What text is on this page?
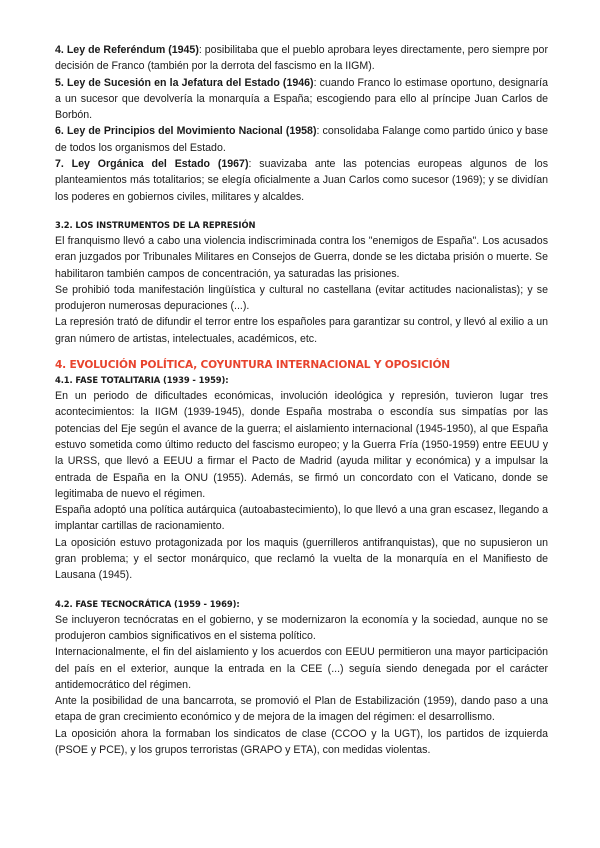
4. Ley de Referéndum (1945): posibilitaba que el pueblo aprobara leyes directamente, pero siempre por decisión de Franco (también por la derrota del fascismo en la IIGM).

5. Ley de Sucesión en la Jefatura del Estado (1946): cuando Franco lo estimase oportuno, designaría a un sucesor que devolvería la monarquía a España; escogiendo para ello al príncipe Juan Carlos de Borbón.

6. Ley de Principios del Movimiento Nacional (1958): consolidaba Falange como partido único y base de todos los organismos del Estado.

7. Ley Orgánica del Estado (1967): suavizaba ante las potencias europeas algunos de los planteamientos más totalitarios; se elegía oficialmente a Juan Carlos como sucesor (1969); y se dividían los poderes en gobiernos civiles, militares y alcaldes.

3.2. LOS INSTRUMENTOS DE LA REPRESIÓN

El franquismo llevó a cabo una violencia indiscriminada contra los "enemigos de España". Los acusados eran juzgados por Tribunales Militares en Consejos de Guerra, donde se les dictaba prisión o muerte. Se habilitaron también campos de concentración, ya saturadas las prisiones.

Se prohibió toda manifestación lingüística y cultural no castellana (evitar actitudes nacionalistas); y se produjeron numerosas depuraciones (...).

La represión trató de difundir el terror entre los españoles para garantizar su control, y llevó al exilio a un gran número de artistas, intelectuales, académicos, etc.

4. EVOLUCIÓN POLÍTICA, COYUNTURA INTERNACIONAL Y OPOSICIÓN
4.1. FASE TOTALITARIA (1939 - 1959):

En un periodo de dificultades económicas, involución ideológica y represión, tuvieron lugar tres acontecimientos: la IIGM (1939-1945), donde España mostraba o escondía sus simpatías por las potencias del Eje según el avance de la guerra; el aislamiento internacional (1945-1950), al que España estuvo sometida como último reducto del fascismo europeo; y la Guerra Fría (1950-1959) entre EEUU y la URSS, que llevó a EEUU a firmar el Pacto de Madrid (ayuda militar y económica) y a impulsar la entrada de España en la ONU (1955). Además, se firmó un concordato con el Vaticano, donde se legitimaba de nuevo el régimen.

España adoptó una política autárquica (autoabastecimiento), lo que llevó a una gran escasez, llegando a implantar cartillas de racionamiento.

La oposición estuvo protagonizada por los maquis (guerrilleros antifranquistas), que no supusieron un gran problema; y el sector monárquico, que reclamó la vuelta de la monarquía en el Manifiesto de Lausana (1945).

4.2. FASE TECNOCRÁTICA (1959 - 1969):

Se incluyeron tecnócratas en el gobierno, y se modernizaron la economía y la sociedad, aunque no se produjeron cambios significativos en el sistema político.

Internacionalmente, el fin del aislamiento y los acuerdos con EEUU permitieron una mayor participación del país en el exterior, aunque la entrada en la CEE (...) seguía siendo denegada por el carácter antidemocrático del régimen.

Ante la posibilidad de una bancarrota, se promovió el Plan de Estabilización (1959), dando paso a una etapa de gran crecimiento económico y de mejora de la imagen del régimen: el desarrollismo.

La oposición ahora la formaban los sindicatos de clase (CCOO y la UGT), los partidos de izquierda (PSOE y PCE), y los grupos terroristas (GRAPO y ETA), con medidas violentas.
